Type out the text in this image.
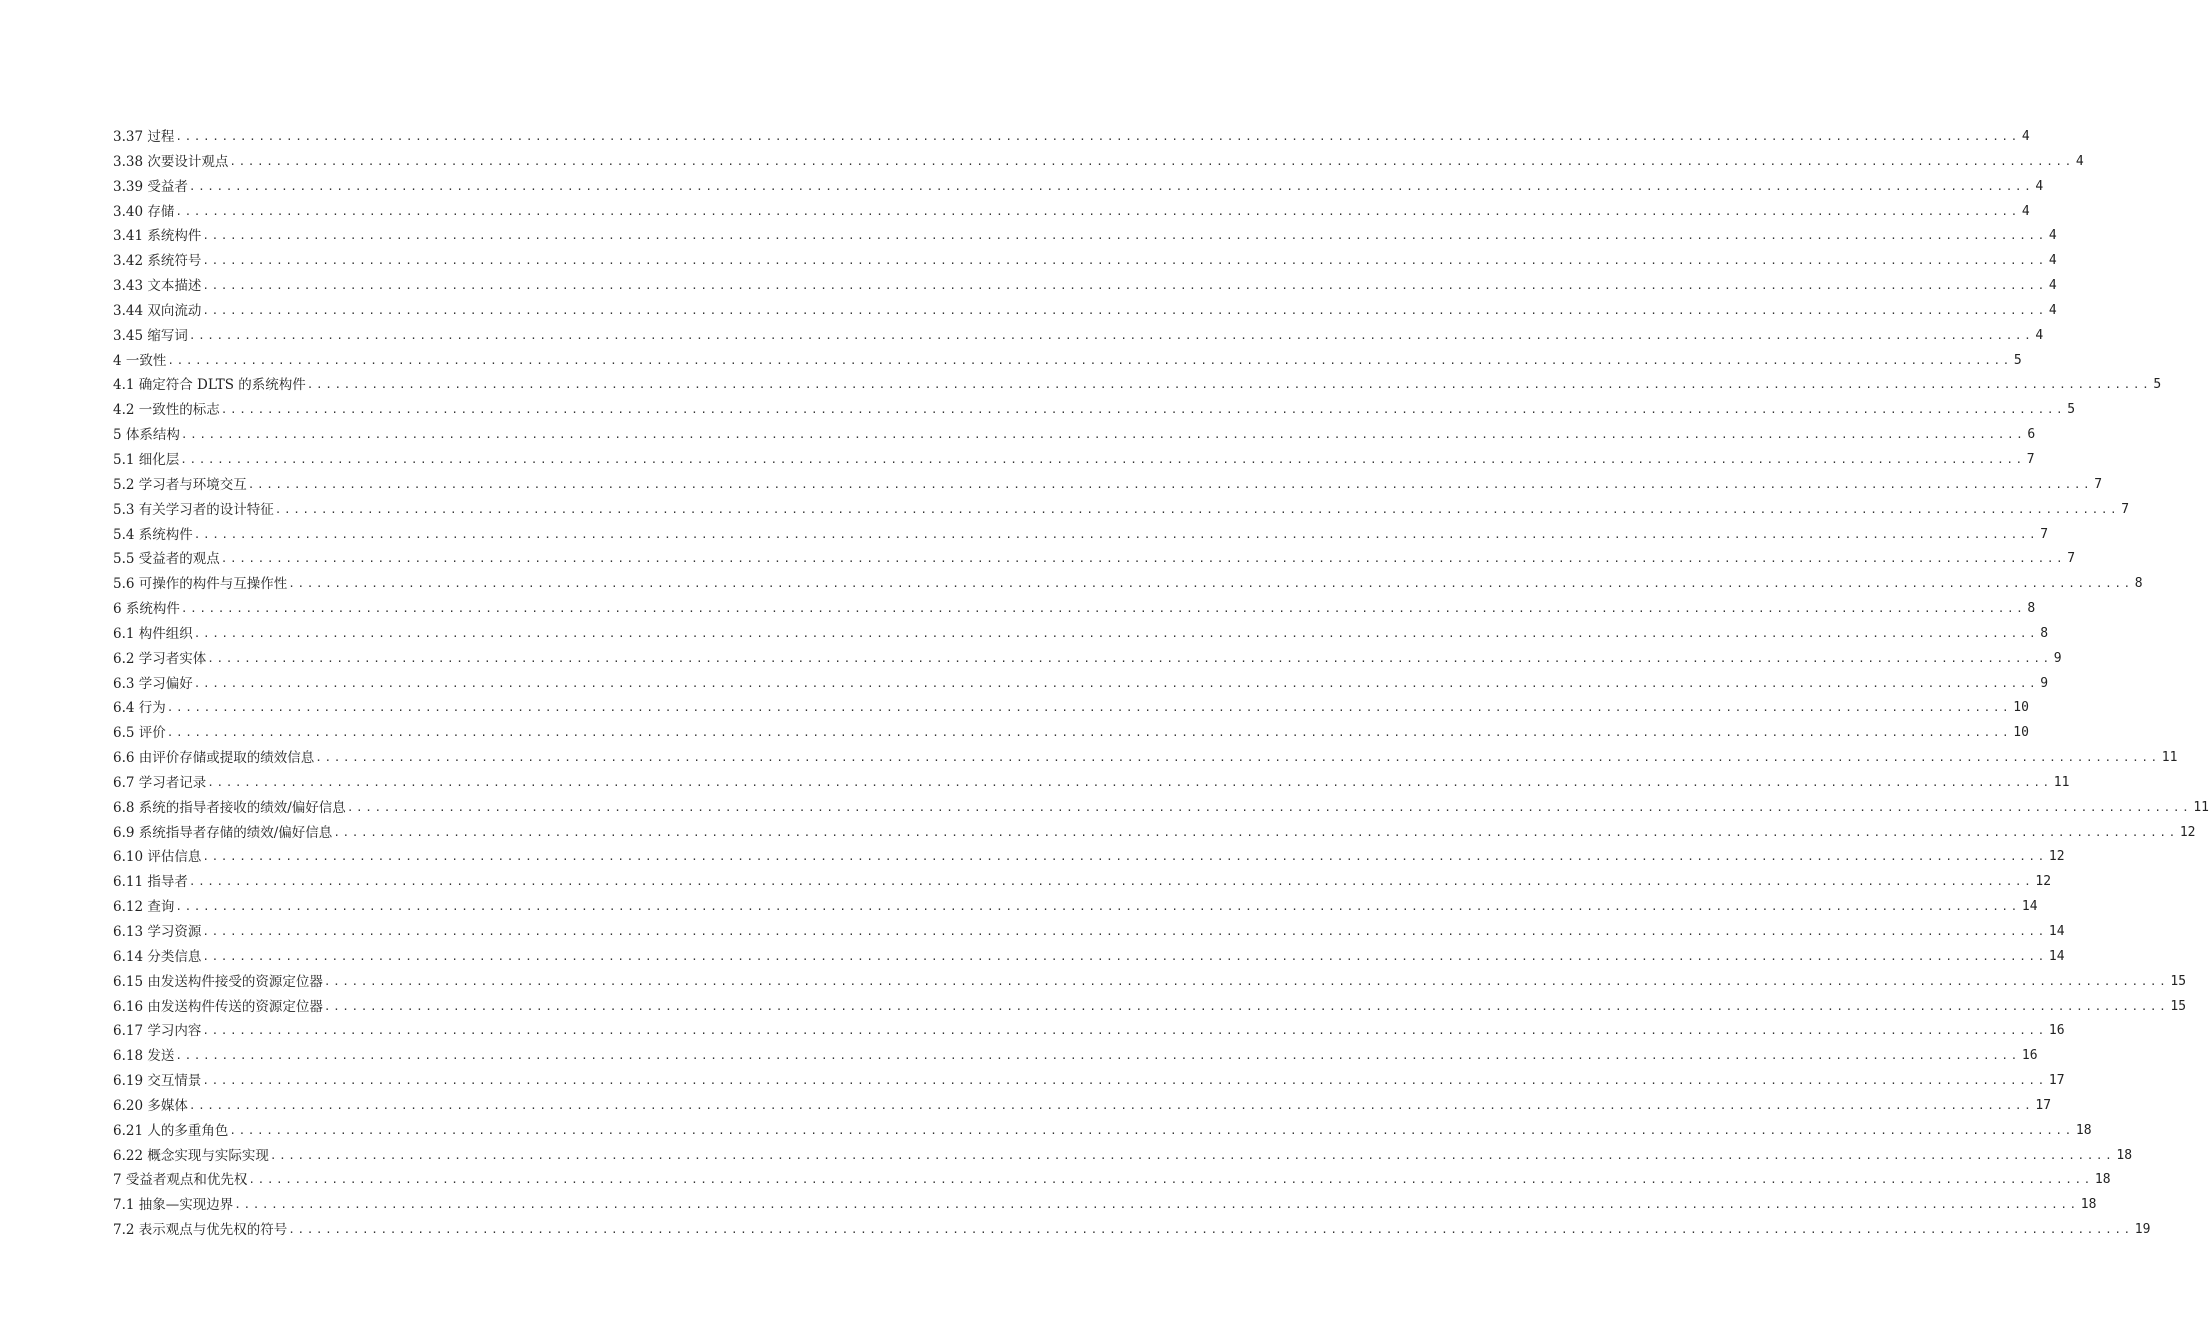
3.37 过程 ........................................................................................................................................................................................................ 4
3.38 次要设计观点 ........................................................................................................................................................................................................ 4
3.39 受益者 ........................................................................................................................................................................................................ 4
3.40 存储 ........................................................................................................................................................................................................ 4
3.41 系统构件 ........................................................................................................................................................................................................ 4
3.42 系统符号 ........................................................................................................................................................................................................ 4
3.43 文本描述 ........................................................................................................................................................................................................ 4
3.44 双向流动 ........................................................................................................................................................................................................ 4
3.45 缩写词 ........................................................................................................................................................................................................ 4
4 一致性 ........................................................................................................................................................................................................ 5
4.1 确定符合 DLTS 的系统构件 ........................................................................................................................................................................................................ 5
4.2 一致性的标志 ........................................................................................................................................................................................................ 5
5 体系结构 ........................................................................................................................................................................................................ 6
5.1 细化层 ........................................................................................................................................................................................................ 7
5.2 学习者与环境交互 ........................................................................................................................................................................................................ 7
5.3 有关学习者的设计特征 ........................................................................................................................................................................................................ 7
5.4 系统构件 ........................................................................................................................................................................................................ 7
5.5 受益者的观点 ........................................................................................................................................................................................................ 7
5.6 可操作的构件与互操作性 ........................................................................................................................................................................................................ 8
6 系统构件 ........................................................................................................................................................................................................ 8
6.1 构件组织 ........................................................................................................................................................................................................ 8
6.2 学习者实体 ........................................................................................................................................................................................................ 9
6.3 学习偏好 ........................................................................................................................................................................................................ 9
6.4 行为 ........................................................................................................................................................................................................ 10
6.5 评价 ........................................................................................................................................................................................................ 10
6.6 由评价存储或提取的绩效信息 ........................................................................................................................................................................................................ 11
6.7 学习者记录 ........................................................................................................................................................................................................ 11
6.8 系统的指导者接收的绩效/偏好信息 ........................................................................................................................................................................................................ 11
6.9 系统指导者存储的绩效/偏好信息 ........................................................................................................................................................................................................ 12
6.10 评估信息 ........................................................................................................................................................................................................ 12
6.11 指导者 ........................................................................................................................................................................................................ 12
6.12 查询 ........................................................................................................................................................................................................ 14
6.13 学习资源 ........................................................................................................................................................................................................ 14
6.14 分类信息 ........................................................................................................................................................................................................ 14
6.15 由发送构件接受的资源定位器 ........................................................................................................................................................................................................ 15
6.16 由发送构件传送的资源定位器 ........................................................................................................................................................................................................ 15
6.17 学习内容 ........................................................................................................................................................................................................ 16
6.18 发送 ........................................................................................................................................................................................................ 16
6.19 交互情景 ........................................................................................................................................................................................................ 17
6.20 多媒体 ........................................................................................................................................................................................................ 17
6.21 人的多重角色 ........................................................................................................................................................................................................ 18
6.22 概念实现与实际实现 ........................................................................................................................................................................................................ 18
7 受益者观点和优先权 ........................................................................................................................................................................................................ 18
7.1 抽象—实现边界 ........................................................................................................................................................................................................ 18
7.2 表示观点与优先权的符号 ........................................................................................................................................................................................................ 19
